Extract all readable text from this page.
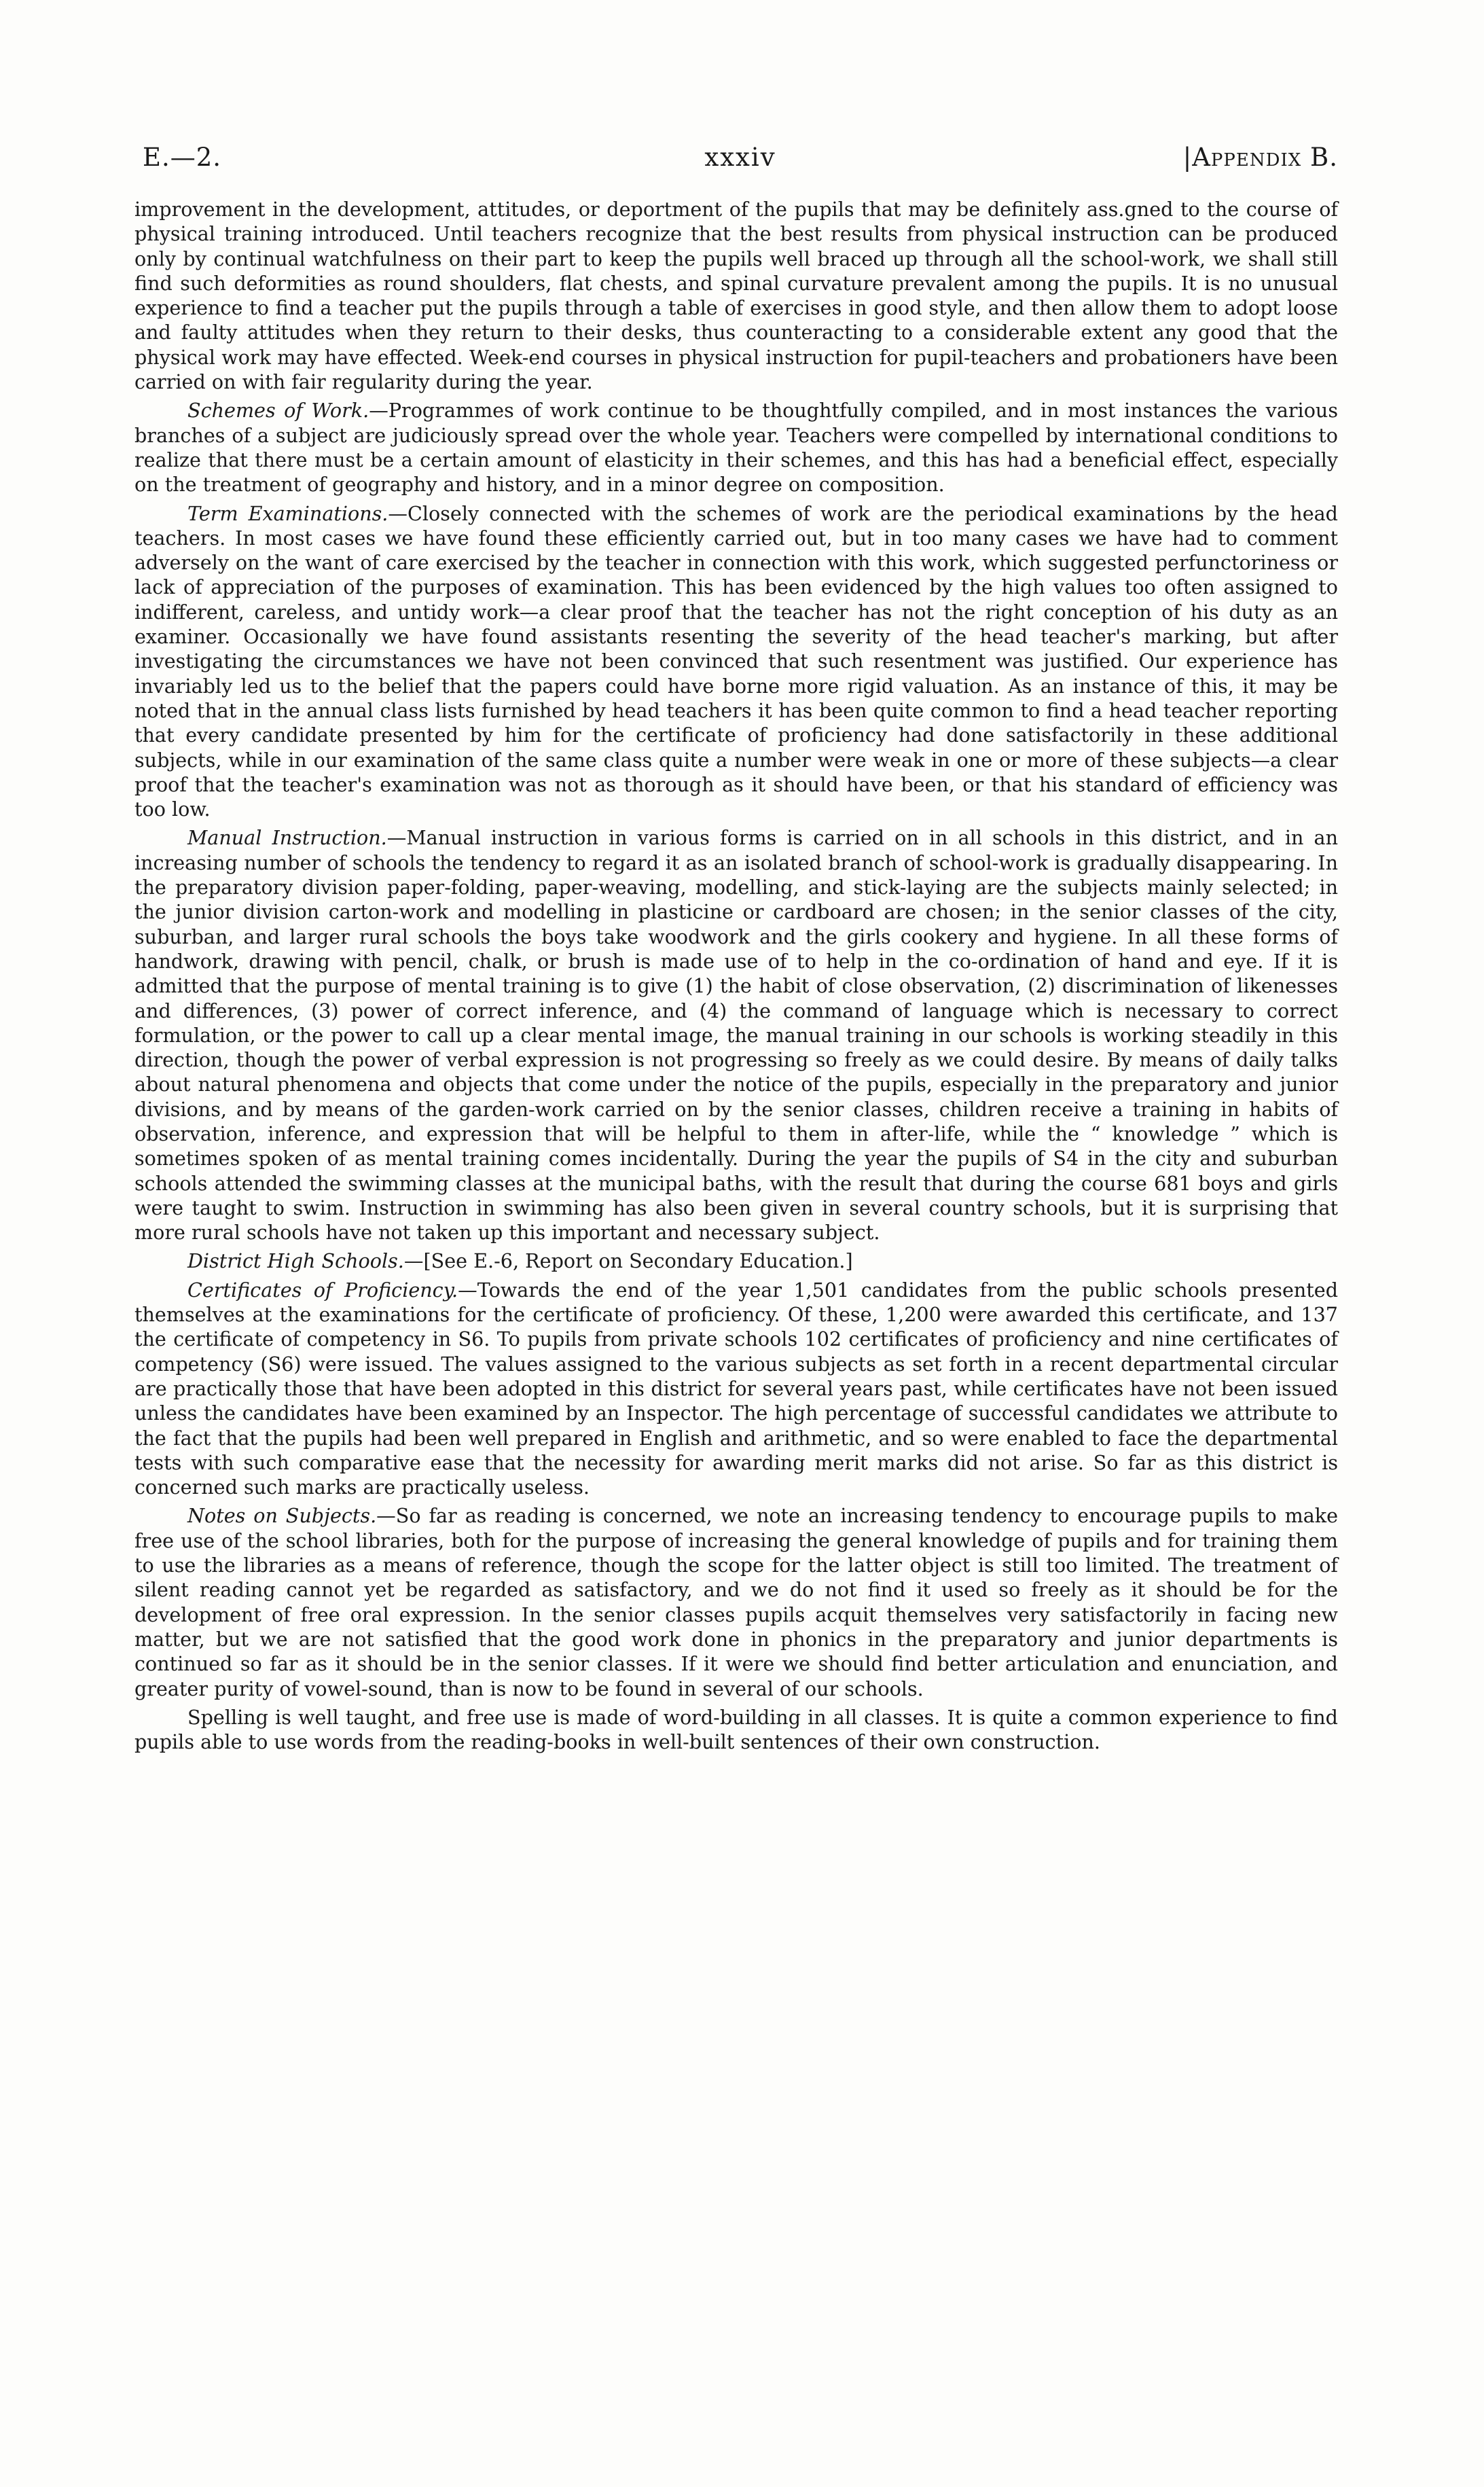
E.—2.	xxxiv	|Appendix B.

improvement in the development, attitudes, or deportment of the pupils that may be definitely ass.gned to the course of physical training introduced. Until teachers recognize that the best results from physical instruction can be produced only by continual watchfulness on their part to keep the pupils well braced up through all the school-work, we shall still find such deformities as round shoulders, flat chests, and spinal curvature prevalent among the pupils. It is no unusual experience to find a teacher put the pupils through a table of exercises in good style, and then allow them to adopt loose and faulty attitudes when they return to their desks, thus counteracting to a considerable extent any good that the physical work may have effected. Week-end courses in physical instruction for pupil-teachers and probationers have been carried on with fair regularity during the year.

Schemes of Work.—Programmes of work continue to be thoughtfully compiled, and in most instances the various branches of a subject are judiciously spread over the whole year. Teachers were compelled by international conditions to realize that there must be a certain amount of elasticity in their schemes, and this has had a beneficial effect, especially on the treatment of geography and history, and in a minor degree on composition.

Term Examinations.—Closely connected with the schemes of work are the periodical examinations by the head teachers. In most cases we have found these efficiently carried out, but in too many cases we have had to comment adversely on the want of care exercised by the teacher in connection with this work, which suggested perfunctoriness or lack of appreciation of the purposes of examination. This has been evidenced by the high values too often assigned to indifferent, careless, and untidy work—a clear proof that the teacher has not the right conception of his duty as an examiner. Occasionally we have found assistants resenting the severity of the head teacher's marking, but after investigating the circumstances we have not been convinced that such resentment was justified. Our experience has invariably led us to the belief that the papers could have borne more rigid valuation. As an instance of this, it may be noted that in the annual class lists furnished by head teachers it has been quite common to find a head teacher reporting that every candidate presented by him for the certificate of proficiency had done satisfactorily in these additional subjects, while in our examination of the same class quite a number were weak in one or more of these subjects—a clear proof that the teacher's examination was not as thorough as it should have been, or that his standard of efficiency was too low.

Manual Instruction.—Manual instruction in various forms is carried on in all schools in this district, and in an increasing number of schools the tendency to regard it as an isolated branch of school-work is gradually disappearing. In the preparatory division paper-folding, paper-weaving, modelling, and stick-laying are the subjects mainly selected; in the junior division carton-work and modelling in plasticine or cardboard are chosen; in the senior classes of the city, suburban, and larger rural schools the boys take woodwork and the girls cookery and hygiene. In all these forms of handwork, drawing with pencil, chalk, or brush is made use of to help in the co-ordination of hand and eye. If it is admitted that the purpose of mental training is to give (1) the habit of close observation, (2) discrimination of likenesses and differences, (3) power of correct inference, and (4) the command of language which is necessary to correct formulation, or the power to call up a clear mental image, the manual training in our schools is working steadily in this direction, though the power of verbal expression is not progressing so freely as we could desire. By means of daily talks about natural phenomena and objects that come under the notice of the pupils, especially in the preparatory and junior divisions, and by means of the garden-work carried on by the senior classes, children receive a training in habits of observation, inference, and expression that will be helpful to them in after-life, while the “ knowledge ” which is sometimes spoken of as mental training comes incidentally. During the year the pupils of S4 in the city and suburban schools attended the swimming classes at the municipal baths, with the result that during the course 681 boys and girls were taught to swim. Instruction in swimming has also been given in several country schools, but it is surprising that more rural schools have not taken up this important and necessary subject.

District High Schools.—[See E.-6, Report on Secondary Education.]

Certificates of Proficiency.—Towards the end of the year 1,501 candidates from the public schools presented themselves at the examinations for the certificate of proficiency. Of these, 1,200 were awarded this certificate, and 137 the certificate of competency in S6. To pupils from private schools 102 certificates of proficiency and nine certificates of competency (S6) were issued. The values assigned to the various subjects as set forth in a recent departmental circular are practically those that have been adopted in this district for several years past, while certificates have not been issued unless the candidates have been examined by an Inspector. The high percentage of successful candidates we attribute to the fact that the pupils had been well prepared in English and arithmetic, and so were enabled to face the departmental tests with such comparative ease that the necessity for awarding merit marks did not arise. So far as this district is concerned such marks are practically useless.

Notes on Subjects.—So far as reading is concerned, we note an increasing tendency to encourage pupils to make free use of the school libraries, both for the purpose of increasing the general knowledge of pupils and for training them to use the libraries as a means of reference, though the scope for the latter object is still too limited. The treatment of silent reading cannot yet be regarded as satisfactory, and we do not find it used so freely as it should be for the development of free oral expression. In the senior classes pupils acquit themselves very satisfactorily in facing new matter, but we are not satisfied that the good work done in phonics in the preparatory and junior departments is continued so far as it should be in the senior classes. If it were we should find better articulation and enunciation, and greater purity of vowel-sound, than is now to be found in several of our schools.

Spelling is well taught, and free use is made of word-building in all classes. It is quite a common experience to find pupils able to use words from the reading-books in well-built sentences of their own construction.
